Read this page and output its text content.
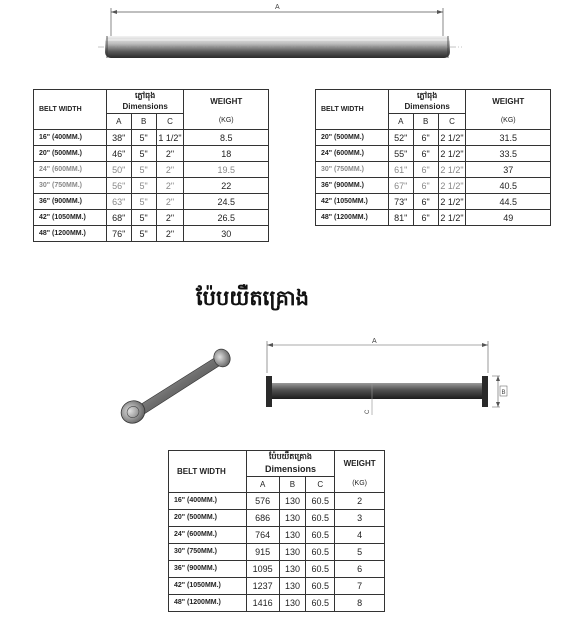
A
BELT WIDTH	ភ្លៅធុង			WEIGHT
	Dimensions			
	A	B	C	(KG)
16" (400MM.)	38"	5"	1 1/2"	8.5
20" (500MM.)	46"	5"	2"	18
24" (600MM.)	50"	5"	2"	19.5
30" (750MM.)	56"	5"	2"	22
36" (900MM.)	63"	5"	2"	24.5
42" (1050MM.)	68"	5"	2"	26.5
48" (1200MM.)	76"	5"	2"	30
BELT WIDTH	ភ្លៅធុង			WEIGHT
	Dimensions			
	A	B	C	(KG)
20" (500MM.)	52"	6"	2 1/2"	31.5
24" (600MM.)	55"	6"	2 1/2"	33.5
30" (750MM.)	61"	6"	2 1/2"	37
36" (900MM.)	67"	6"	2 1/2"	40.5
42" (1050MM.)	73"	6"	2 1/2"	44.5
48" (1200MM.)	81"	6"	2 1/2"	49
ប៉ែបយឺតគ្រោង
A
C
B
BELT WIDTH	ប៉ែបយឺតគ្រោង			WEIGHT
	Dimensions			
	A	B	C	(KG)
16" (400MM.)	576	130	60.5	2
20" (500MM.)	686	130	60.5	3
24" (600MM.)	764	130	60.5	4
30" (750MM.)	915	130	60.5	5
36" (900MM.)	1095	130	60.5	6
42" (1050MM.)	1237	130	60.5	7
48" (1200MM.)	1416	130	60.5	8
